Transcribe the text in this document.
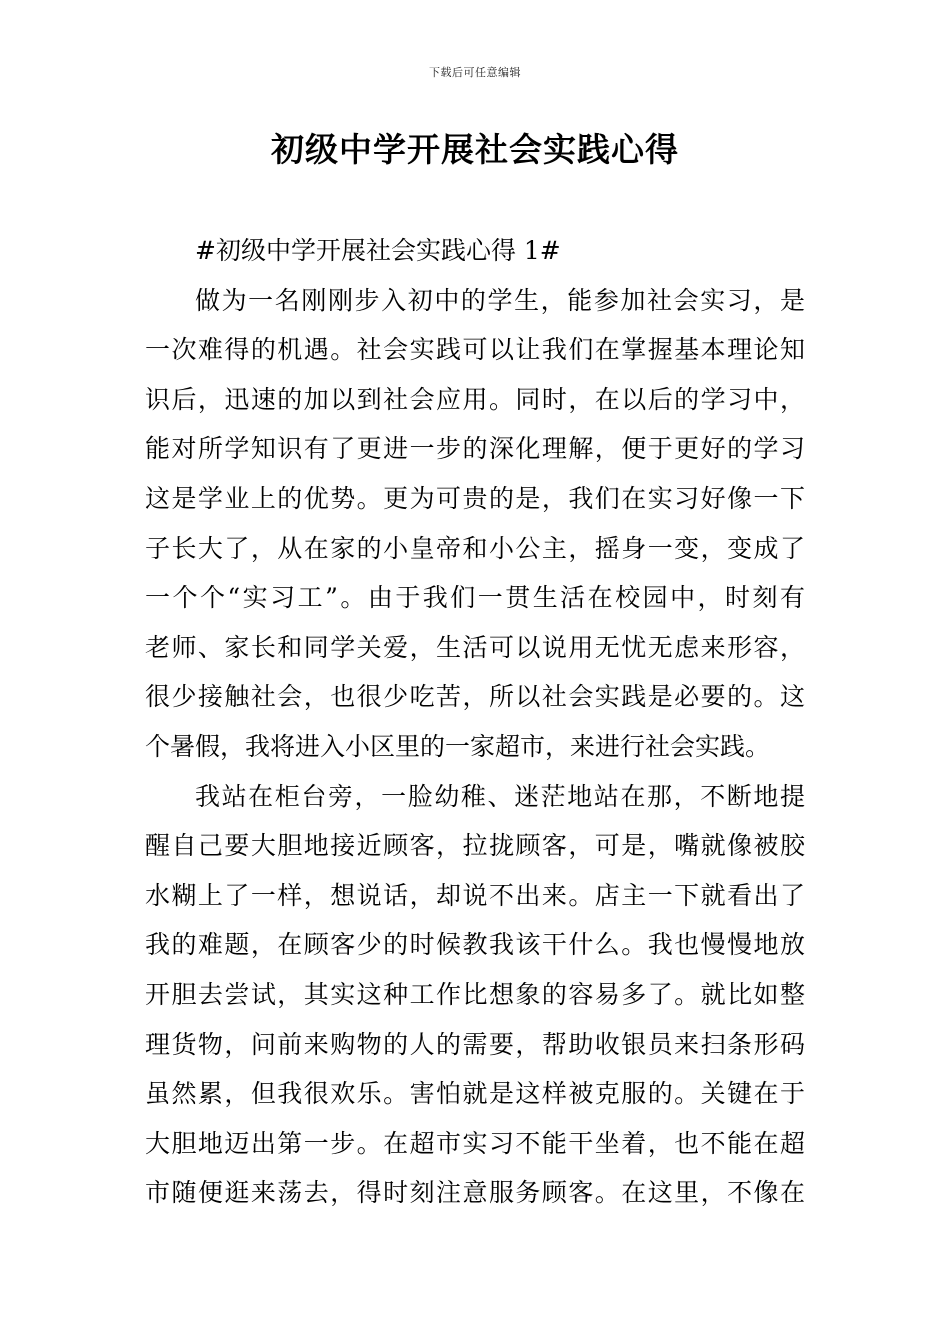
下载后可任意编辑
初级中学开展社会实践心得
#初级中学开展社会实践心得 1#
做为一名刚刚步入初中的学生，能参加社会实习，是
一次难得的机遇。社会实践可以让我们在掌握基本理论知
识后，迅速的加以到社会应用。同时，在以后的学习中，
能对所学知识有了更进一步的深化理解，便于更好的学习
这是学业上的优势。更为可贵的是，我们在实习好像一下
子长大了，从在家的小皇帝和小公主，摇身一变，变成了
一个个“实习工”。由于我们一贯生活在校园中，时刻有
老师、家长和同学关爱，生活可以说用无忧无虑来形容，
很少接触社会，也很少吃苦，所以社会实践是必要的。这
个暑假，我将进入小区里的一家超市，来进行社会实践。
我站在柜台旁，一脸幼稚、迷茫地站在那，不断地提
醒自己要大胆地接近顾客，拉拢顾客，可是，嘴就像被胶
水糊上了一样，想说话，却说不出来。店主一下就看出了
我的难题，在顾客少的时候教我该干什么。我也慢慢地放
开胆去尝试，其实这种工作比想象的容易多了。就比如整
理货物，问前来购物的人的需要，帮助收银员来扫条形码
虽然累，但我很欢乐。害怕就是这样被克服的。关键在于
大胆地迈出第一步。在超市实习不能干坐着，也不能在超
市随便逛来荡去，得时刻注意服务顾客。在这里，不像在
